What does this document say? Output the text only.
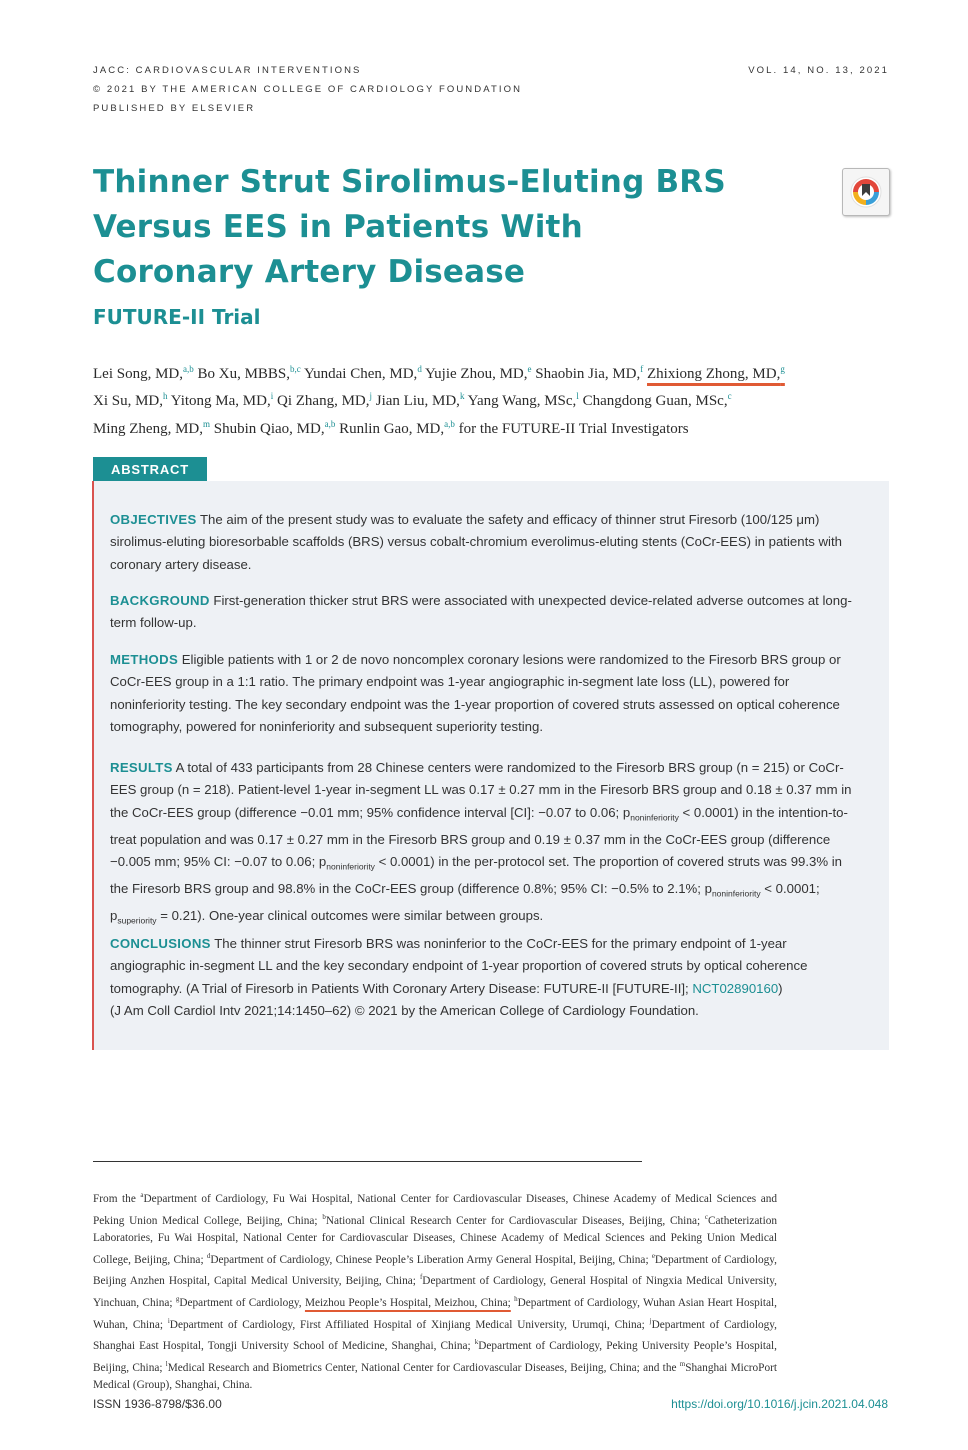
JACC: CARDIOVASCULAR INTERVENTIONS
© 2021 BY THE AMERICAN COLLEGE OF CARDIOLOGY FOUNDATION
PUBLISHED BY ELSEVIER
VOL. 14, NO. 13, 2021
Thinner Strut Sirolimus-Eluting BRS
Versus EES in Patients With
Coronary Artery Disease
FUTURE-II Trial
Lei Song, MD,$^{a,b}$ Bo Xu, MBBS,$^{b,c}$ Yundai Chen, MD,$^d$ Yujie Zhou, MD,$^e$ Shaobin Jia, MD,$^f$ Zhixiong Zhong, MD,$^g$
Xi Su, MD,$^h$ Yitong Ma, MD,$^i$ Qi Zhang, MD,$^j$ Jian Liu, MD,$^k$ Yang Wang, MSc,$^l$ Changdong Guan, MSc,$^c$
Ming Zheng, MD,$^m$ Shubin Qiao, MD,$^{a,b}$ Runlin Gao, MD,$^{a,b}$ for the FUTURE-II Trial Investigators
ABSTRACT
OBJECTIVES The aim of the present study was to evaluate the safety and efficacy of thinner strut Firesorb (100/125 μm) sirolimus-eluting bioresorbable scaffolds (BRS) versus cobalt-chromium everolimus-eluting stents (CoCr-EES) in patients with coronary artery disease.
BACKGROUND First-generation thicker strut BRS were associated with unexpected device-related adverse outcomes at long-term follow-up.
METHODS Eligible patients with 1 or 2 de novo noncomplex coronary lesions were randomized to the Firesorb BRS group or CoCr-EES group in a 1:1 ratio. The primary endpoint was 1-year angiographic in-segment late loss (LL), powered for noninferiority testing. The key secondary endpoint was the 1-year proportion of covered struts assessed on optical coherence tomography, powered for noninferiority and subsequent superiority testing.
RESULTS A total of 433 participants from 28 Chinese centers were randomized to the Firesorb BRS group (n = 215) or CoCr-EES group (n = 218). Patient-level 1-year in-segment LL was 0.17 ± 0.27 mm in the Firesorb BRS group and 0.18 ± 0.37 mm in the CoCr-EES group (difference −0.01 mm; 95% confidence interval [CI]: −0.07 to 0.06; $p_{noninferiority} < 0.0001$) in the intention-to-treat population and was 0.17 ± 0.27 mm in the Firesorb BRS group and 0.19 ± 0.37 mm in the CoCr-EES group (difference −0.005 mm; 95% CI: −0.07 to 0.06; $p_{noninferiority} < 0.0001$) in the per-protocol set. The proportion of covered struts was 99.3% in the Firesorb BRS group and 98.8% in the CoCr-EES group (difference 0.8%; 95% CI: −0.5% to 2.1%; $p_{noninferiority} < 0.0001$; $p_{superiority} = 0.21$). One-year clinical outcomes were similar between groups.
CONCLUSIONS The thinner strut Firesorb BRS was noninferior to the CoCr-EES for the primary endpoint of 1-year angiographic in-segment LL and the key secondary endpoint of 1-year proportion of covered struts by optical coherence tomography. (A Trial of Firesorb in Patients With Coronary Artery Disease: FUTURE-II [FUTURE-II]; NCT02890160)
(J Am Coll Cardiol Intv 2021;14:1450–62) © 2021 by the American College of Cardiology Foundation.
From the $^a$Department of Cardiology, Fu Wai Hospital, National Center for Cardiovascular Diseases, Chinese Academy of Medical Sciences and Peking Union Medical College, Beijing, China; $^b$National Clinical Research Center for Cardiovascular Diseases, Beijing, China; $^c$Catheterization Laboratories, Fu Wai Hospital, National Center for Cardiovascular Diseases, Chinese Academy of Medical Sciences and Peking Union Medical College, Beijing, China; $^d$Department of Cardiology, Chinese People’s Liberation Army General Hospital, Beijing, China; $^e$Department of Cardiology, Beijing Anzhen Hospital, Capital Medical University, Beijing, China; $^f$Department of Cardiology, General Hospital of Ningxia Medical University, Yinchuan, China; $^g$Department of Cardiology, Meizhou People’s Hospital, Meizhou, China; $^h$Department of Cardiology, Wuhan Asian Heart Hospital, Wuhan, China; $^i$Department of Cardiology, First Affiliated Hospital of Xinjiang Medical University, Urumqi, China; $^j$Department of Cardiology, Shanghai East Hospital, Tongji University School of Medicine, Shanghai, China; $^k$Department of Cardiology, Peking University People’s Hospital, Beijing, China; $^l$Medical Research and Biometrics Center, National Center for Cardiovascular Diseases, Beijing, China; and the $^m$Shanghai MicroPort Medical (Group), Shanghai, China.
ISSN 1936-8798/$36.00	https://doi.org/10.1016/j.jcin.2021.04.048
